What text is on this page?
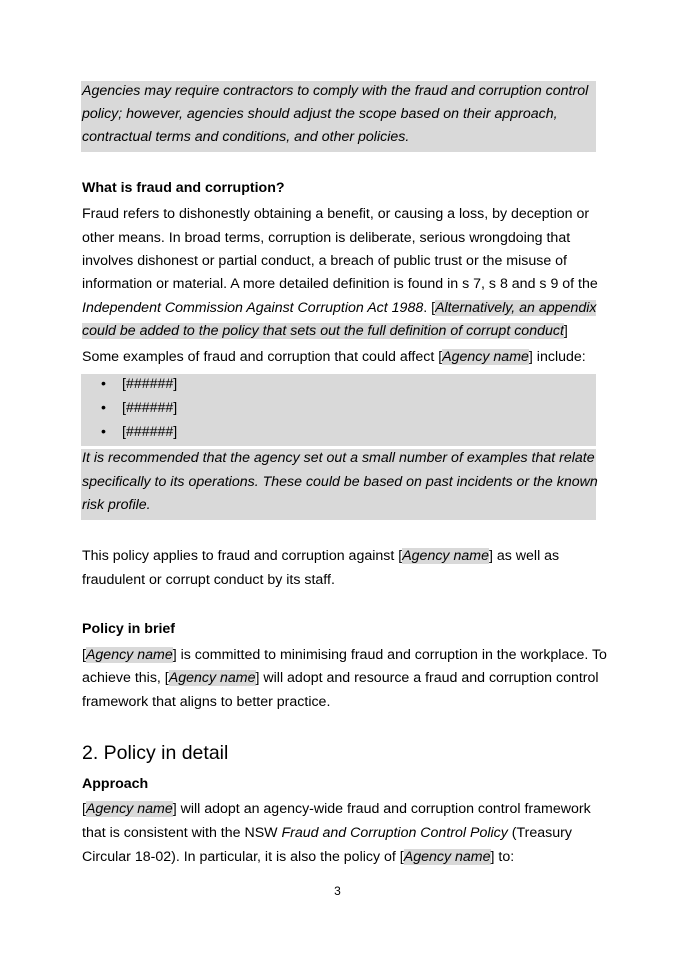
Agencies may require contractors to comply with the fraud and corruption control
policy; however, agencies should adjust the scope based on their approach,
contractual terms and conditions, and other policies.
What is fraud and corruption?
Fraud refers to dishonestly obtaining a benefit, or causing a loss, by deception or
other means. In broad terms, corruption is deliberate, serious wrongdoing that
involves dishonest or partial conduct, a breach of public trust or the misuse of
information or material. A more detailed definition is found in s 7, s 8 and s 9 of the
Independent Commission Against Corruption Act 1988. [Alternatively, an appendix
could be added to the policy that sets out the full definition of corrupt conduct]
Some examples of fraud and corruption that could affect [Agency name] include:
• [######]
• [######]
• [######]
It is recommended that the agency set out a small number of examples that relate
specifically to its operations. These could be based on past incidents or the known
risk profile.
This policy applies to fraud and corruption against [Agency name] as well as
fraudulent or corrupt conduct by its staff.
Policy in brief
[Agency name] is committed to minimising fraud and corruption in the workplace. To
achieve this, [Agency name] will adopt and resource a fraud and corruption control
framework that aligns to better practice.
2. Policy in detail
Approach
[Agency name] will adopt an agency-wide fraud and corruption control framework
that is consistent with the NSW Fraud and Corruption Control Policy (Treasury
Circular 18-02). In particular, it is also the policy of [Agency name] to:
3
